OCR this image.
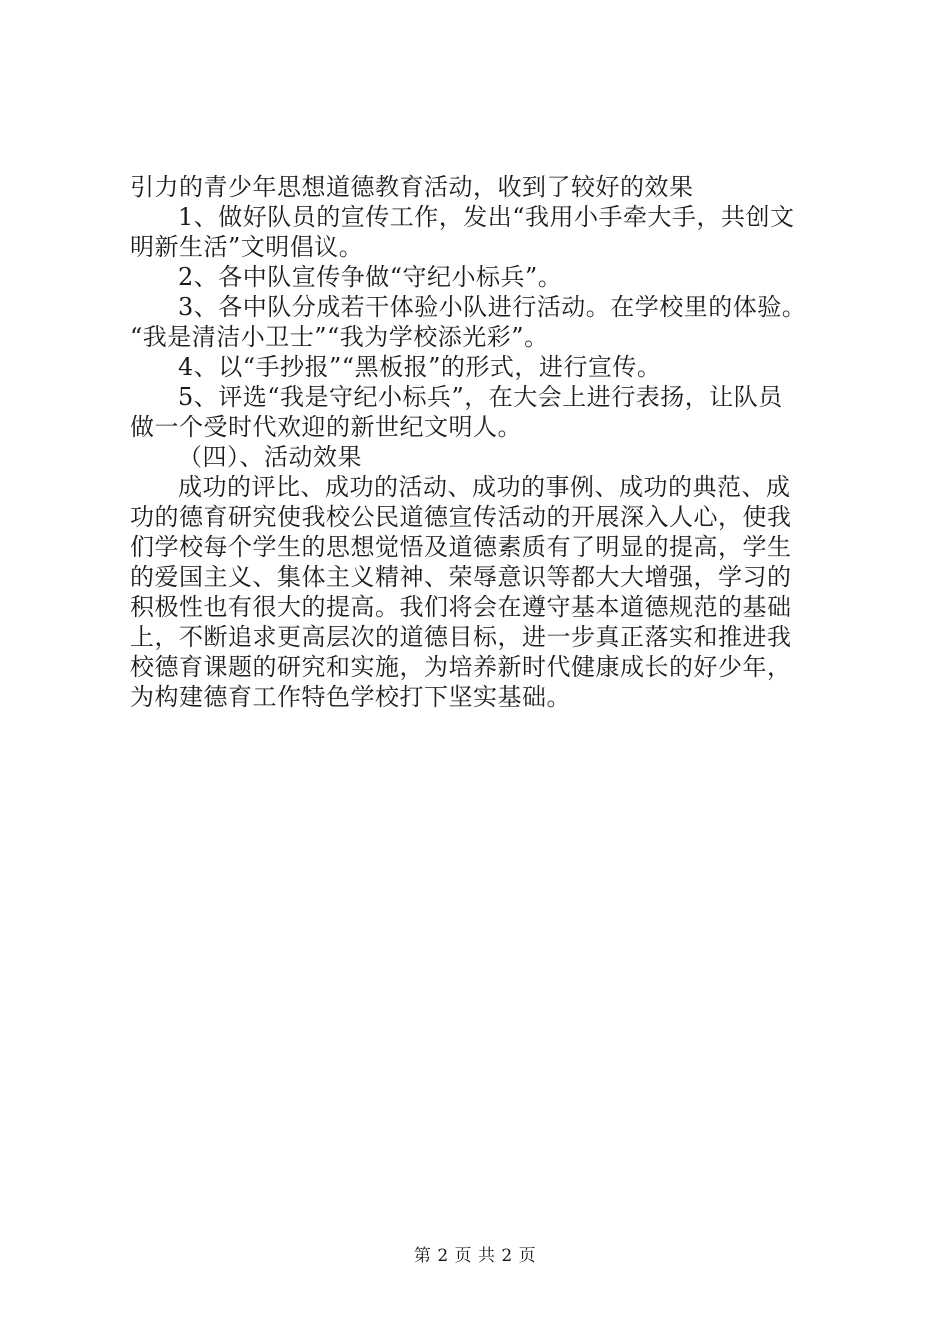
引力的青少年思想道德教育活动，收到了较好的效果
1、做好队员的宣传工作，发出“我用小手牵大手，共创文
明新生活”文明倡议。
2、各中队宣传争做“守纪小标兵”。
3、各中队分成若干体验小队进行活动。在学校里的体验。
“我是清洁小卫士”“我为学校添光彩”。
4、以“手抄报”“黑板报”的形式，进行宣传。
5、评选“我是守纪小标兵”，在大会上进行表扬，让队员
做一个受时代欢迎的新世纪文明人。
（四）、活动效果
成功的评比、成功的活动、成功的事例、成功的典范、成
功的德育研究使我校公民道德宣传活动的开展深入人心，使我
们学校每个学生的思想觉悟及道德素质有了明显的提高，学生
的爱国主义、集体主义精神、荣辱意识等都大大增强，学习的
积极性也有很大的提高。我们将会在遵守基本道德规范的基础
上，不断追求更高层次的道德目标，进一步真正落实和推进我
校德育课题的研究和实施，为培养新时代健康成长的好少年，
为构建德育工作特色学校打下坚实基础。
第 2 页 共 2 页
